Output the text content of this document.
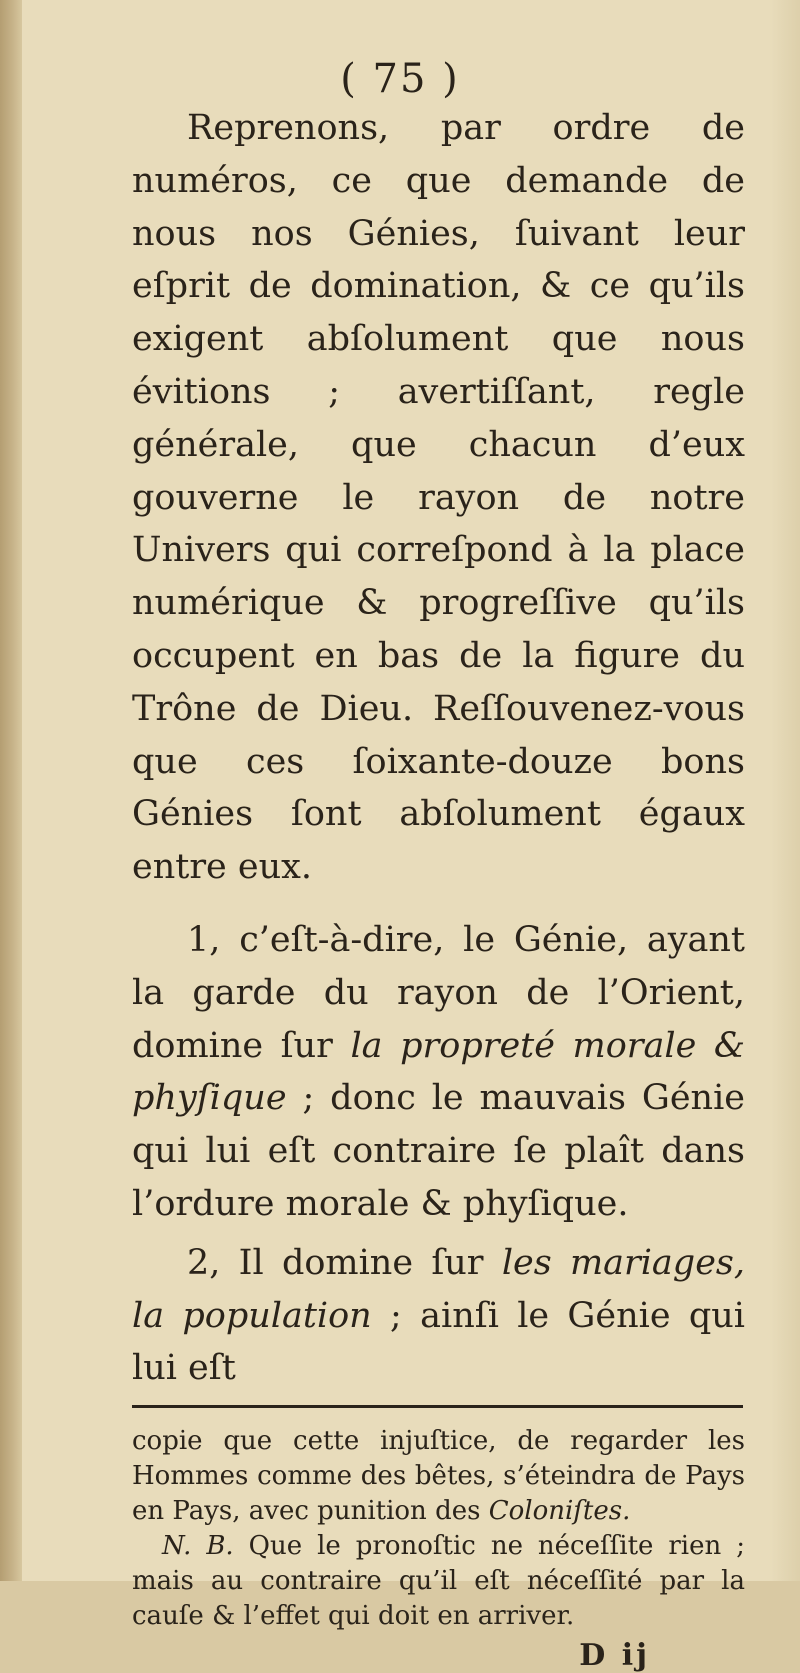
( 75 )

Reprenons, par ordre de numéros, ce que demande de nous nos Génies, ſuivant leur eſprit de domination, & ce qu’ils exigent abſolument que nous évitions ; avertiſſant, regle générale, que chacun d’eux gouverne le rayon de notre Univers qui correſpond à la place numérique & progreſſive qu’ils occupent en bas de la figure du Trône de Dieu. Reſſouvenez-vous que ces ſoixante-douze bons Génies ſont abſolument égaux entre eux.

1, c’eſt-à-dire, le Génie, ayant la garde du rayon de l’Orient, domine ſur la propreté morale & phyſique ; donc le mauvais Génie qui lui eſt contraire ſe plaît dans l’ordure morale & phyſique.

2, Il domine ſur les mariages, la population ; ainſi le Génie qui lui eſt

copie que cette injuſtice, de regarder les Hommes comme des bêtes, s’éteindra de Pays en Pays, avec punition des Coloniſtes.

N. B. Que le pronoſtic ne néceſſite rien ; mais au contraire qu’il eſt néceſſité par la cauſe & l’effet qui doit en arriver.

D ij
